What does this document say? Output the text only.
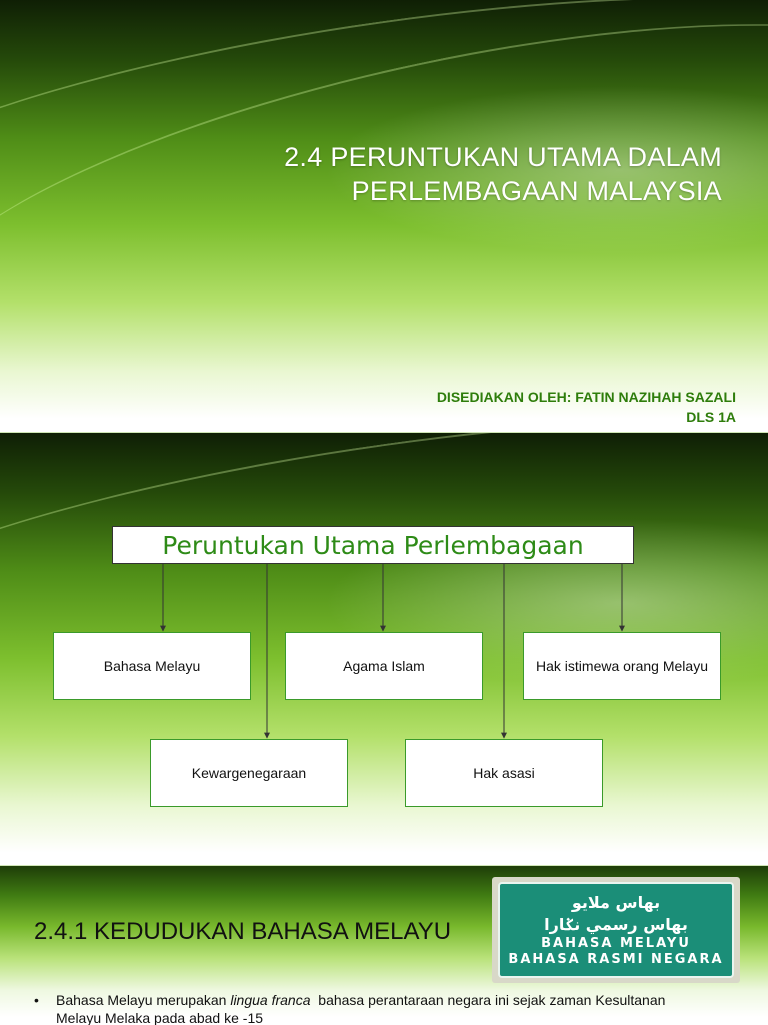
2.4 PERUNTUKAN UTAMA DALAM
PERLEMBAGAAN MALAYSIA
DISEDIAKAN OLEH: FATIN NAZIHAH SAZALI
DLS 1A
Peruntukan Utama Perlembagaan
Bahasa Melayu	Agama Islam	Hak istimewa orang Melayu
Kewargenegaraan	Hak asasi
2.4.1 KEDUDUKAN BAHASA MELAYU
بهاس ملايو
بهاس رسمي نݢارا
BAHASA MELAYU
BAHASA RASMI NEGARA
• Bahasa Melayu merupakan lingua franca  bahasa perantaraan negara ini sejak zaman Kesultanan Melayu Melaka pada abad ke -15
